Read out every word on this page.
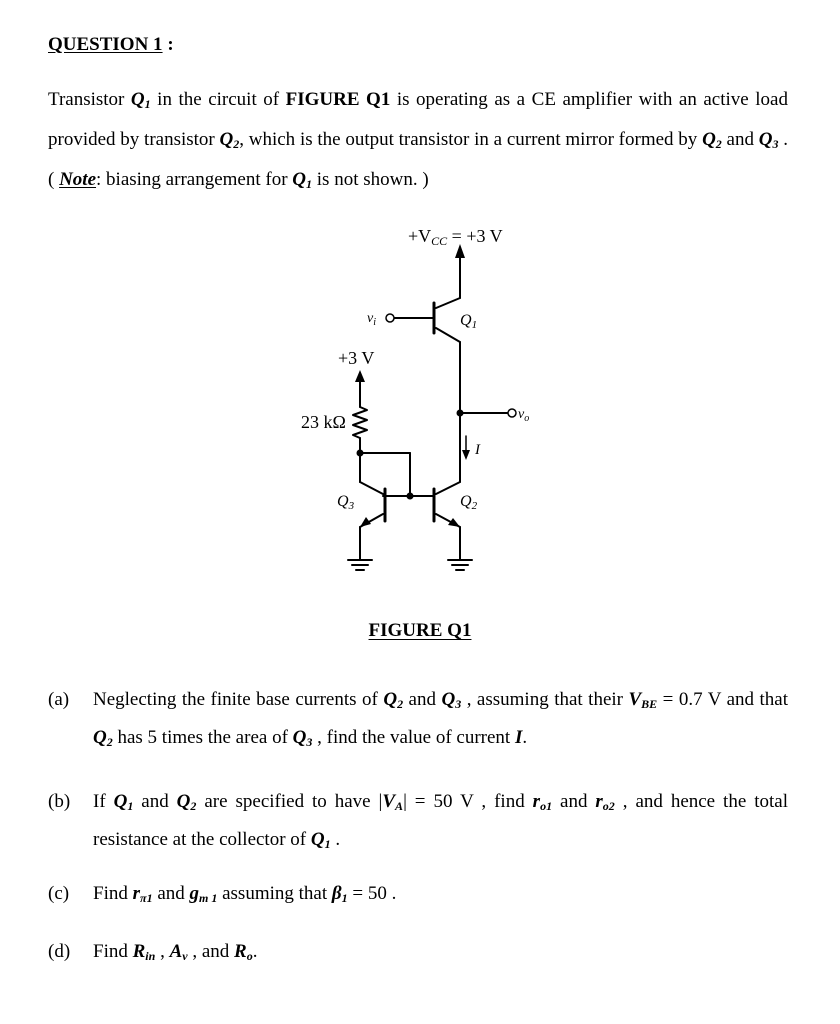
QUESTION 1 :
Transistor $Q_1$ in the circuit of FIGURE Q1 is operating as a CE amplifier with an active load provided by transistor $Q_2$, which is the output transistor in a current mirror formed by $Q_2$ and $Q_3$ . ( Note: biasing arrangement for $Q_1$ is not shown. )
+VCC = +3 V
$v_i$	Q1
+3 V
23 kΩ	$v_o$
I
Q3	Q2
FIGURE Q1
(a) Neglecting the finite base currents of $Q_2$ and $Q_3$ , assuming that their $V_{BE} = 0.7$ V and that $Q_2$ has 5 times the area of $Q_3$ , find the value of current I.
(b) If $Q_1$ and $Q_2$ are specified to have $|V_A| = 50$ V , find $r_{o1}$ and $r_{o2}$ , and hence the total resistance at the collector of $Q_1$ .
(c) Find $r_{\pi 1}$ and $g_{m 1}$ assuming that $\beta_1 = 50$ .
(d) Find $R_{in}$ , $A_v$ , and $R_o$.
